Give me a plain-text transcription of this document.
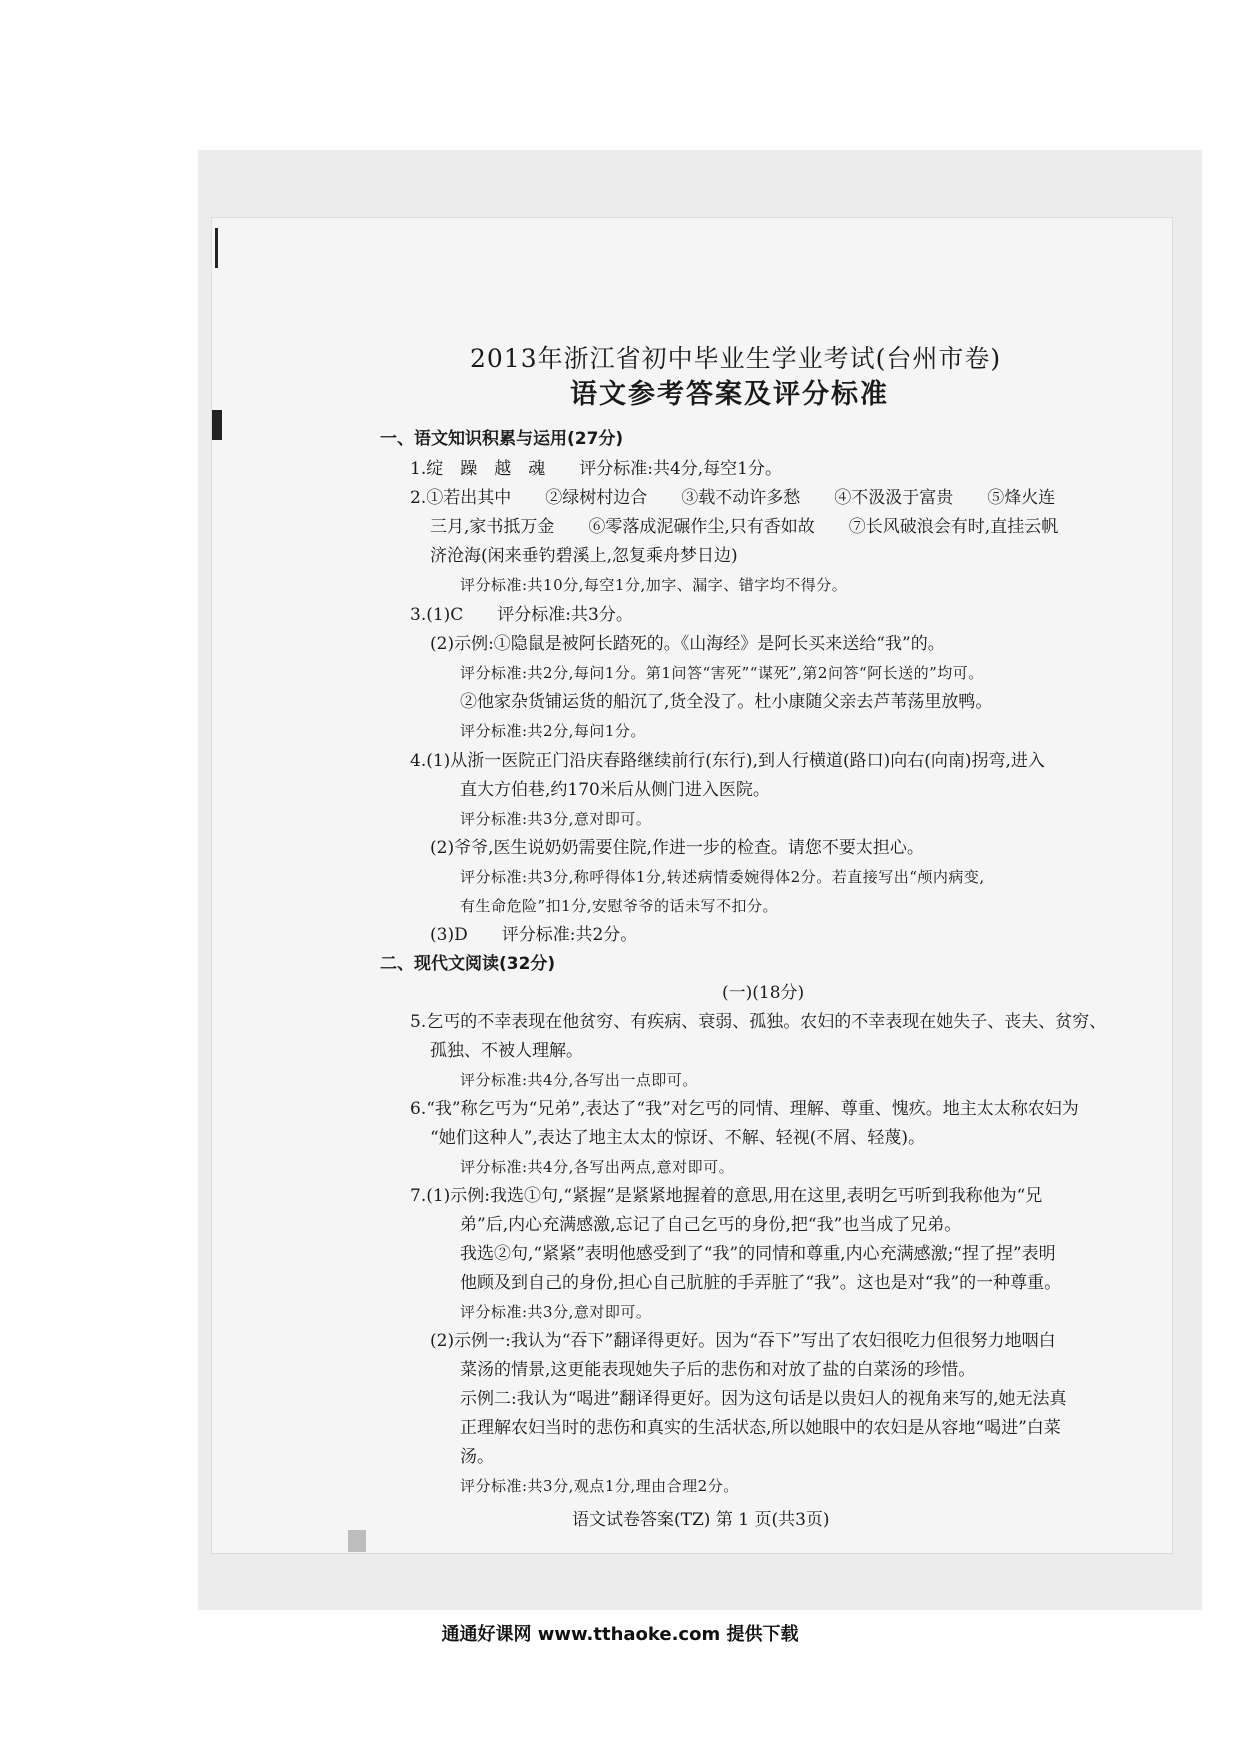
2013年浙江省初中毕业生学业考试(台州市卷)
语文参考答案及评分标准
一、语文知识积累与运用(27分)
1.绽　躁　越　魂　　评分标准:共4分,每空1分。
2.①若出其中　　②绿树村边合　　③载不动许多愁　　④不汲汲于富贵　　⑤烽火连
三月,家书抵万金　　⑥零落成泥碾作尘,只有香如故　　⑦长风破浪会有时,直挂云帆
济沧海(闲来垂钓碧溪上,忽复乘舟梦日边)
评分标准:共10分,每空1分,加字、漏字、错字均不得分。
3.(1)C　　评分标准:共3分。
(2)示例:①隐鼠是被阿长踏死的。《山海经》是阿长买来送给“我”的。
评分标准:共2分,每问1分。第1问答“害死”“谋死”,第2问答“阿长送的”均可。
②他家杂货铺运货的船沉了,货全没了。杜小康随父亲去芦苇荡里放鸭。
评分标准:共2分,每问1分。
4.(1)从浙一医院正门沿庆春路继续前行(东行),到人行横道(路口)向右(向南)拐弯,进入
直大方伯巷,约170米后从侧门进入医院。
评分标准:共3分,意对即可。
(2)爷爷,医生说奶奶需要住院,作进一步的检查。请您不要太担心。
评分标准:共3分,称呼得体1分,转述病情委婉得体2分。若直接写出“颅内病变,
有生命危险”扣1分,安慰爷爷的话未写不扣分。
(3)D　　评分标准:共2分。
二、现代文阅读(32分)
(一)(18分)
5.乞丐的不幸表现在他贫穷、有疾病、衰弱、孤独。农妇的不幸表现在她失子、丧夫、贫穷、
孤独、不被人理解。
评分标准:共4分,各写出一点即可。
6.“我”称乞丐为“兄弟”,表达了“我”对乞丐的同情、理解、尊重、愧疚。地主太太称农妇为
“她们这种人”,表达了地主太太的惊讶、不解、轻视(不屑、轻蔑)。
评分标准:共4分,各写出两点,意对即可。
7.(1)示例:我选①句,“紧握”是紧紧地握着的意思,用在这里,表明乞丐听到我称他为“兄
弟”后,内心充满感激,忘记了自己乞丐的身份,把“我”也当成了兄弟。
我选②句,“紧紧”表明他感受到了“我”的同情和尊重,内心充满感激;“捏了捏”表明
他顾及到自己的身份,担心自己肮脏的手弄脏了“我”。这也是对“我”的一种尊重。
评分标准:共3分,意对即可。
(2)示例一:我认为“吞下”翻译得更好。因为“吞下”写出了农妇很吃力但很努力地咽白
菜汤的情景,这更能表现她失子后的悲伤和对放了盐的白菜汤的珍惜。
示例二:我认为“喝进”翻译得更好。因为这句话是以贵妇人的视角来写的,她无法真
正理解农妇当时的悲伤和真实的生活状态,所以她眼中的农妇是从容地“喝进”白菜
汤。
评分标准:共3分,观点1分,理由合理2分。
语文试卷答案(TZ) 第 1 页(共3页)
通通好课网 www.tthaoke.com 提供下载
